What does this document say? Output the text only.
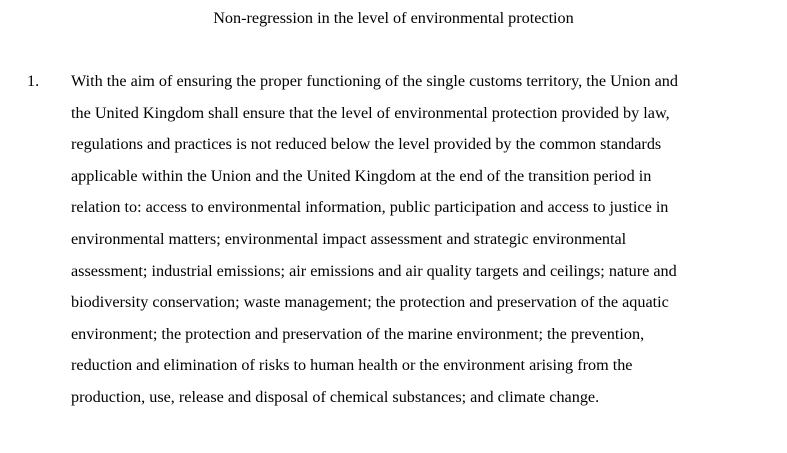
Non-regression in the level of environmental protection
1. With the aim of ensuring the proper functioning of the single customs territory, the Union and
the United Kingdom shall ensure that the level of environmental protection provided by law,
regulations and practices is not reduced below the level provided by the common standards
applicable within the Union and the United Kingdom at the end of the transition period in
relation to: access to environmental information, public participation and access to justice in
environmental matters; environmental impact assessment and strategic environmental
assessment; industrial emissions; air emissions and air quality targets and ceilings; nature and
biodiversity conservation; waste management; the protection and preservation of the aquatic
environment; the protection and preservation of the marine environment; the prevention,
reduction and elimination of risks to human health or the environment arising from the
production, use, release and disposal of chemical substances; and climate change.
